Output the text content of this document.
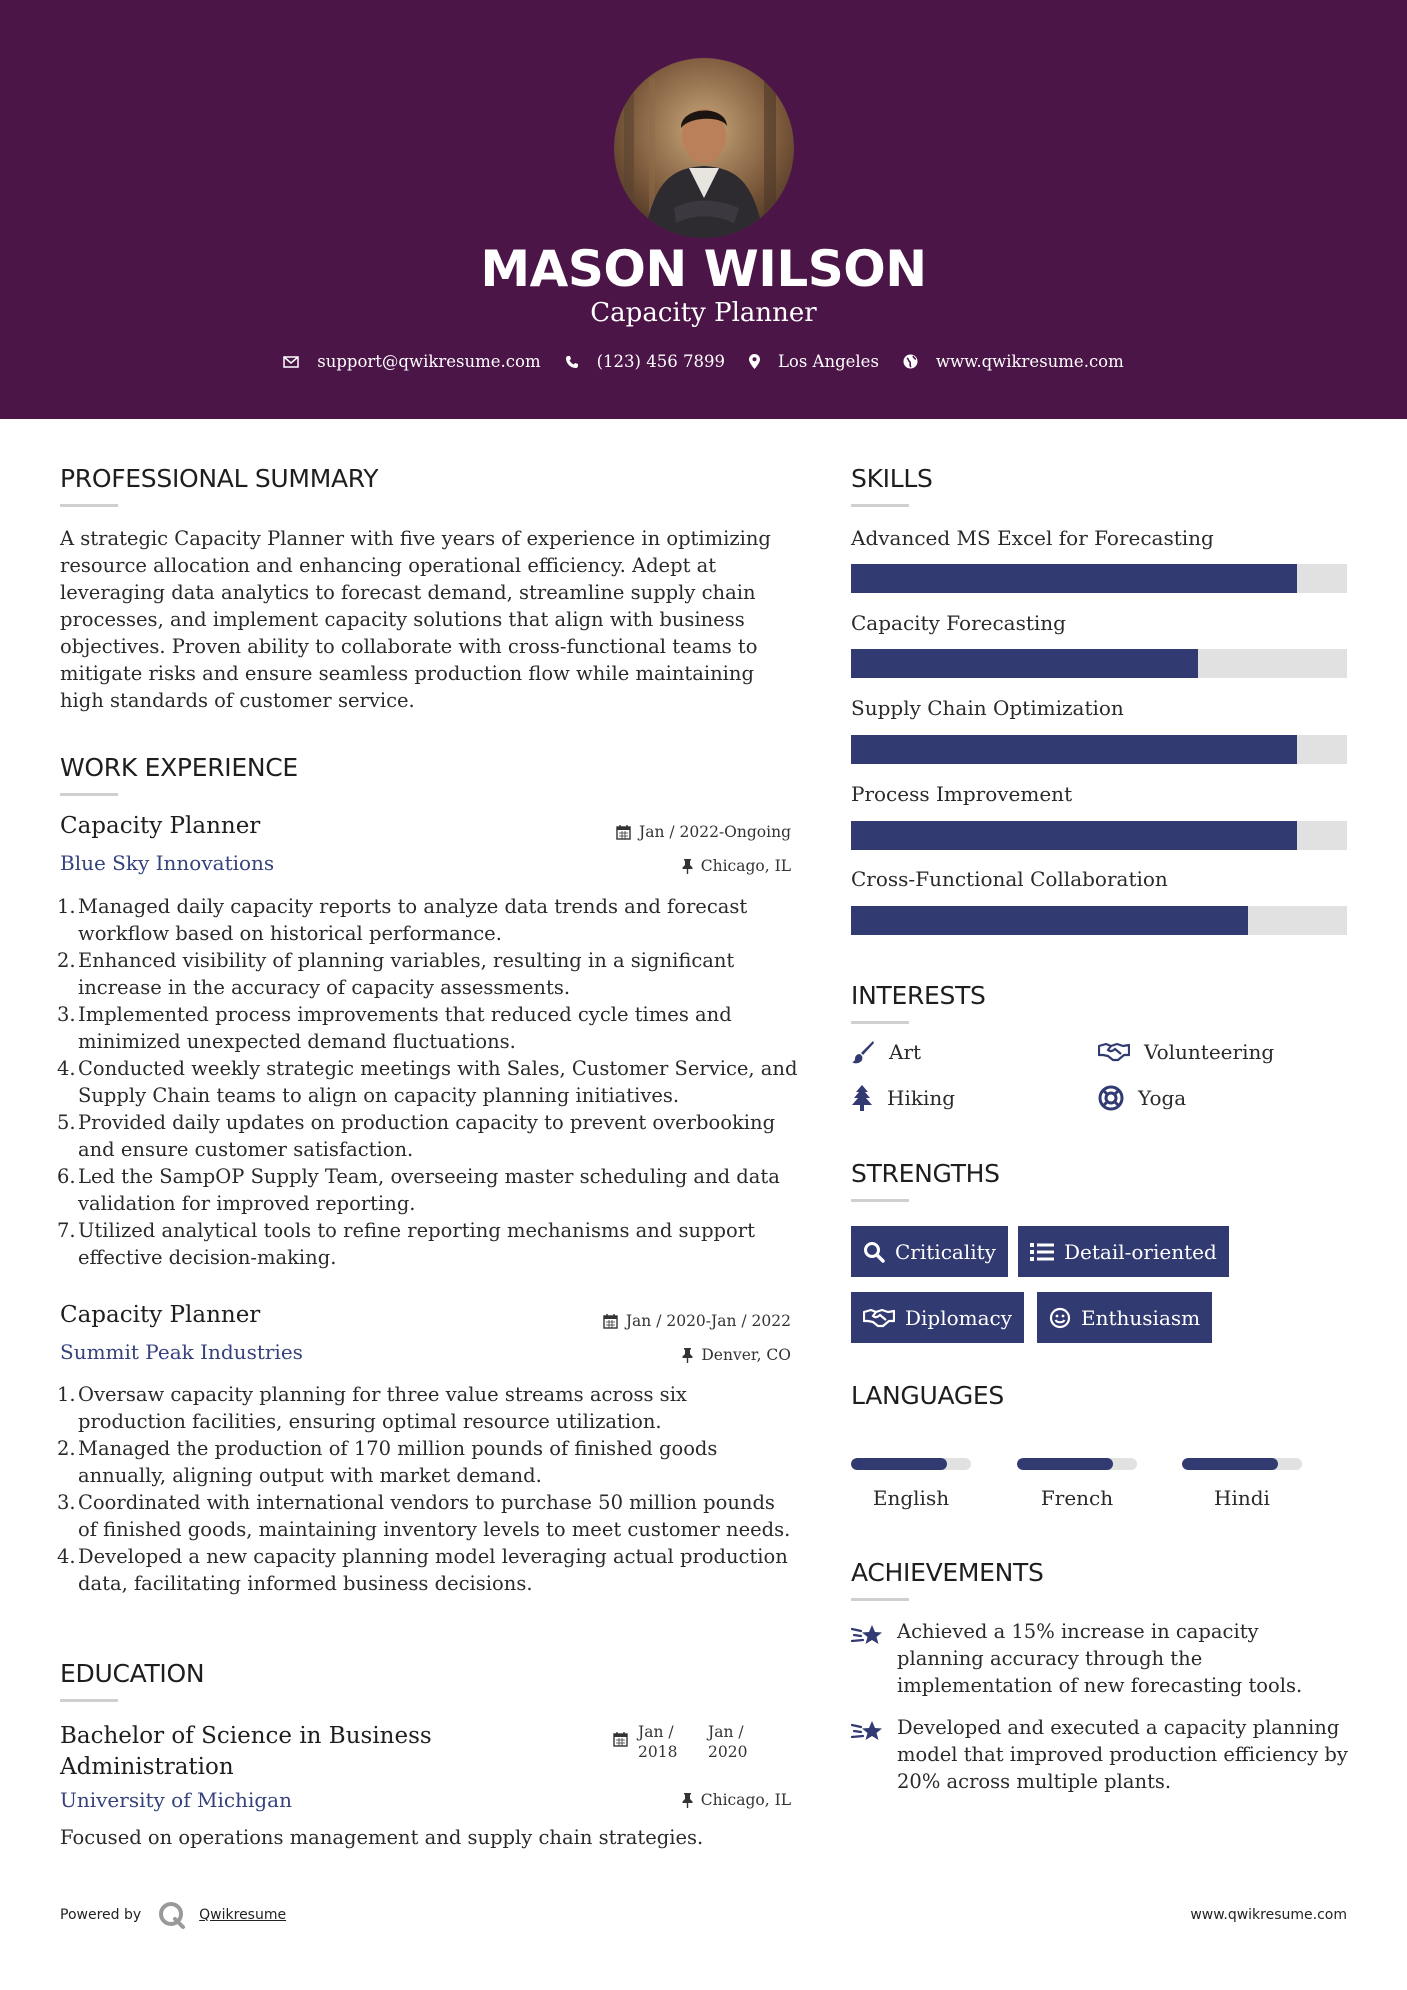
MASON WILSON
Capacity Planner
support@qwikresume.com	(123) 456 7899	Los Angeles	www.qwikresume.com
PROFESSIONAL SUMMARY
A strategic Capacity Planner with five years of experience in optimizing resource allocation and enhancing operational efficiency. Adept at leveraging data analytics to forecast demand, streamline supply chain processes, and implement capacity solutions that align with business objectives. Proven ability to collaborate with cross-functional teams to mitigate risks and ensure seamless production flow while maintaining high standards of customer service.
WORK EXPERIENCE
Capacity Planner	Jan / 2022-Ongoing
Blue Sky Innovations	Chicago, IL
1. Managed daily capacity reports to analyze data trends and forecast workflow based on historical performance.
2. Enhanced visibility of planning variables, resulting in a significant increase in the accuracy of capacity assessments.
3. Implemented process improvements that reduced cycle times and minimized unexpected demand fluctuations.
4. Conducted weekly strategic meetings with Sales, Customer Service, and Supply Chain teams to align on capacity planning initiatives.
5. Provided daily updates on production capacity to prevent overbooking and ensure customer satisfaction.
6. Led the SampOP Supply Team, overseeing master scheduling and data validation for improved reporting.
7. Utilized analytical tools to refine reporting mechanisms and support effective decision-making.
Capacity Planner	Jan / 2020-Jan / 2022
Summit Peak Industries	Denver, CO
1. Oversaw capacity planning for three value streams across six production facilities, ensuring optimal resource utilization.
2. Managed the production of 170 million pounds of finished goods annually, aligning output with market demand.
3. Coordinated with international vendors to purchase 50 million pounds of finished goods, maintaining inventory levels to meet customer needs.
4. Developed a new capacity planning model leveraging actual production data, facilitating informed business decisions.
EDUCATION
Bachelor of Science in Business Administration
Jan / 2018
Jan / 2020
University of Michigan	Chicago, IL
Focused on operations management and supply chain strategies.
SKILLS
Advanced MS Excel for Forecasting
Capacity Forecasting
Supply Chain Optimization
Process Improvement
Cross-Functional Collaboration
INTERESTS
Art	Volunteering
Hiking	Yoga
STRENGTHS
Criticality	Detail-oriented
Diplomacy	Enthusiasm
LANGUAGES
English	French	Hindi
ACHIEVEMENTS
Achieved a 15% increase in capacity planning accuracy through the implementation of new forecasting tools.
Developed and executed a capacity planning model that improved production efficiency by 20% across multiple plants.
Powered by	Qwikresume	www.qwikresume.com
